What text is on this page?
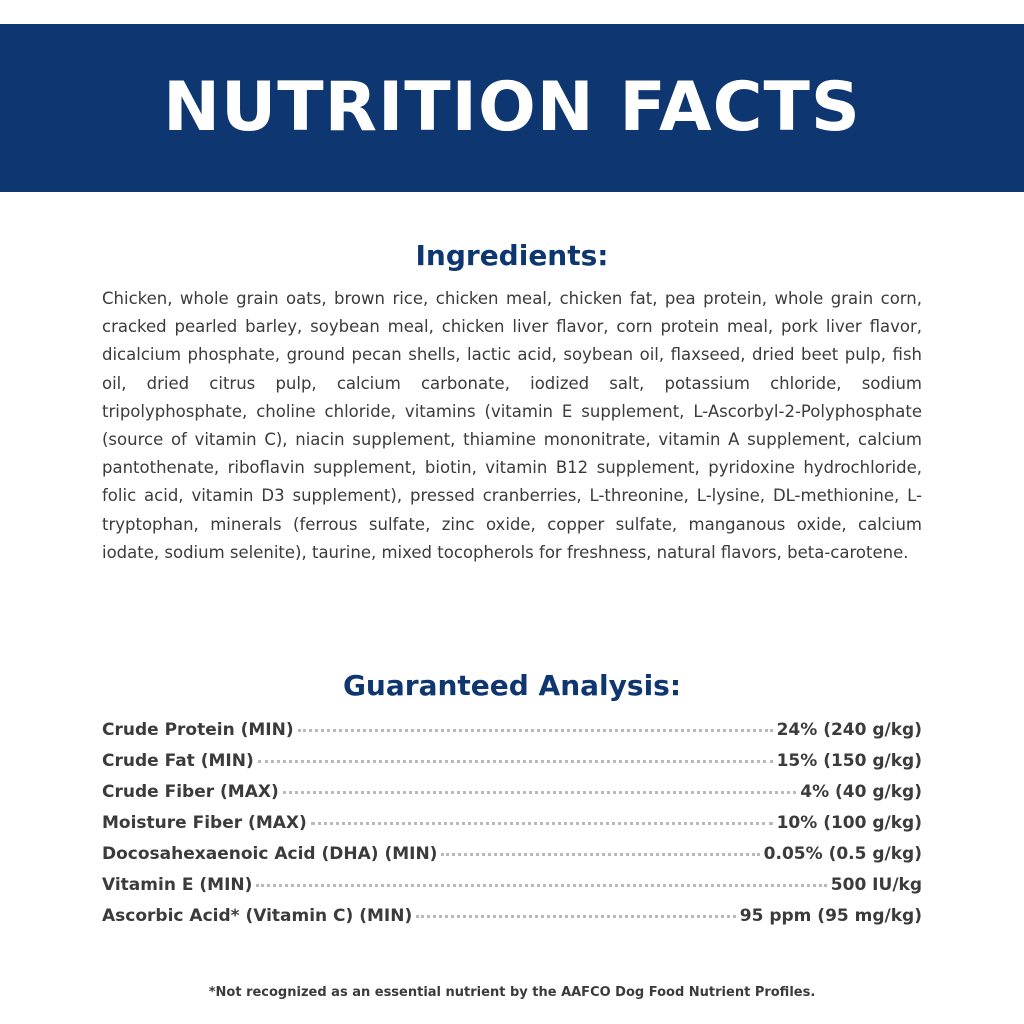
NUTRITION FACTS
Ingredients:

Chicken, whole grain oats, brown rice, chicken meal, chicken fat, pea protein, whole grain corn, cracked pearled barley, soybean meal, chicken liver flavor, corn protein meal, pork liver flavor, dicalcium phosphate, ground pecan shells, lactic acid, soybean oil, flaxseed, dried beet pulp, fish oil, dried citrus pulp, calcium carbonate, iodized salt, potassium chloride, sodium tripolyphosphate, choline chloride, vitamins (vitamin E supplement, L-Ascorbyl-2-Polyphosphate (source of vitamin C), niacin supplement, thiamine mononitrate, vitamin A supplement, calcium pantothenate, riboflavin supplement, biotin, vitamin B12 supplement, pyridoxine hydrochloride, folic acid, vitamin D3 supplement), pressed cranberries, L-threonine, L-lysine, DL-methionine, L-tryptophan, minerals (ferrous sulfate, zinc oxide, copper sulfate, manganous oxide, calcium iodate, sodium selenite), taurine, mixed tocopherols for freshness, natural flavors, beta-carotene.

Guaranteed Analysis:
Crude Protein (MIN)	24% (240 g/kg)
Crude Fat (MIN)	15% (150 g/kg)
Crude Fiber (MAX)	4% (40 g/kg)
Moisture Fiber (MAX)	10% (100 g/kg)
Docosahexaenoic Acid (DHA) (MIN)	0.05% (0.5 g/kg)
Vitamin E (MIN)	500 IU/kg
Ascorbic Acid* (Vitamin C) (MIN)	95 ppm (95 mg/kg)
*Not recognized as an essential nutrient by the AAFCO Dog Food Nutrient Profiles.
